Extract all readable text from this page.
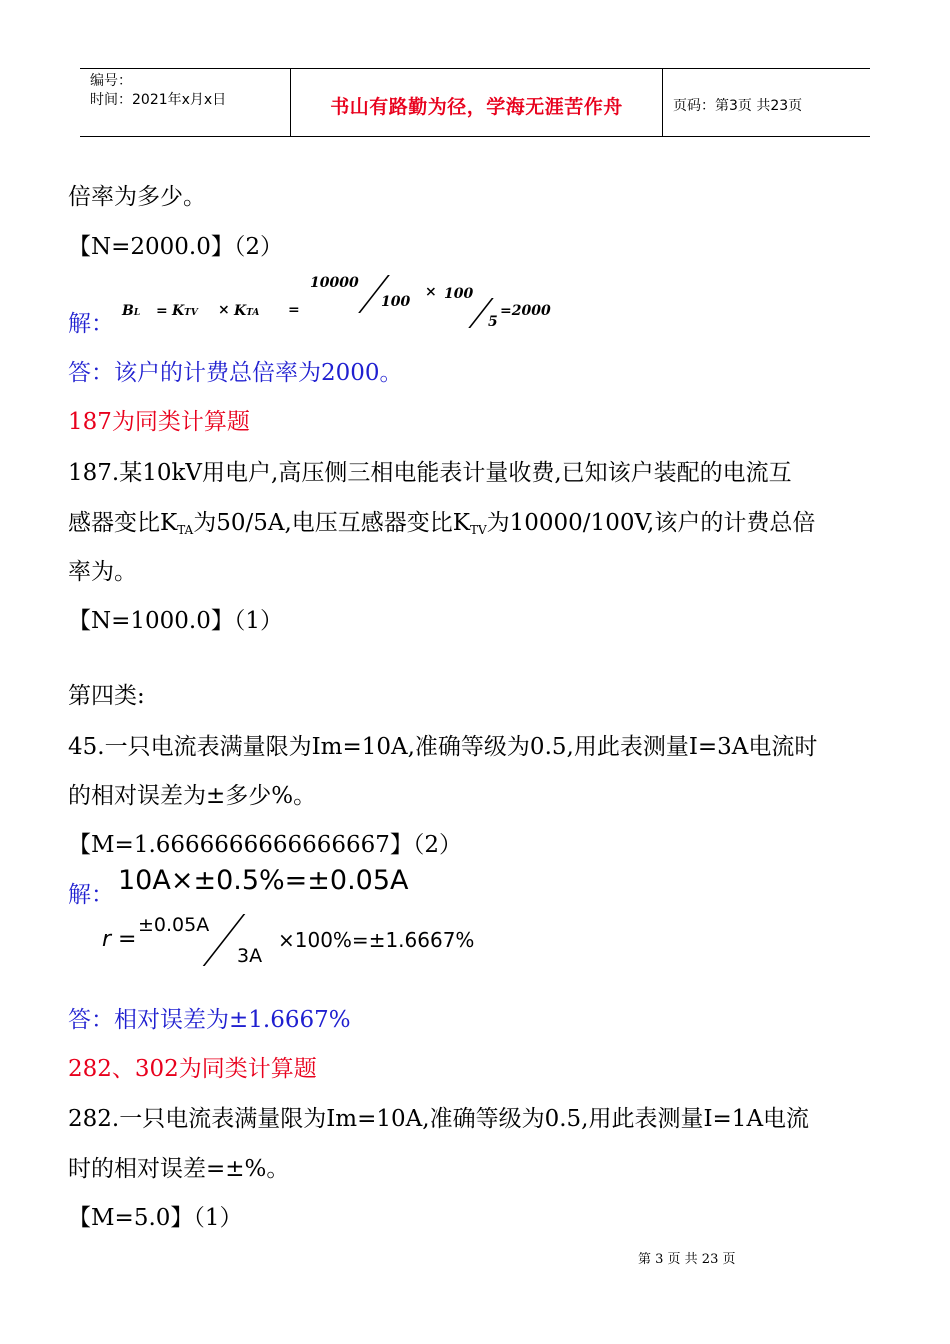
编号：
时间：2021年x月x日	书山有路勤为径，学海无涯苦作舟	页码：第3页 共23页
倍率为多少。
【N=2000.0】（2）
解： BL = KTV × KTA =
10000
100
× 100
5
=2000
答：该户的计费总倍率为2000。
187为同类计算题
187.某10kV用电户,高压侧三相电能表计量收费,已知该户装配的电流互
感器变比KTA为50/5A,电压互感器变比KTV为10000/100V,该户的计费总倍
率为。
【N=1000.0】（1）
第四类:
45.一只电流表满量限为Im=10A,准确等级为0.5,用此表测量I=3A电流时
的相对误差为±多少%。
【M=1.6666666666666667】（2）
解： 10A×±0.5%=±0.05A
r =
±0.05A
3A
×100%=±1.6667%
答：相对误差为±1.6667%
282、302为同类计算题
282.一只电流表满量限为Im=10A,准确等级为0.5,用此表测量I=1A电流
时的相对误差=±%。
【M=5.0】（1）
第 3 页 共 23 页
